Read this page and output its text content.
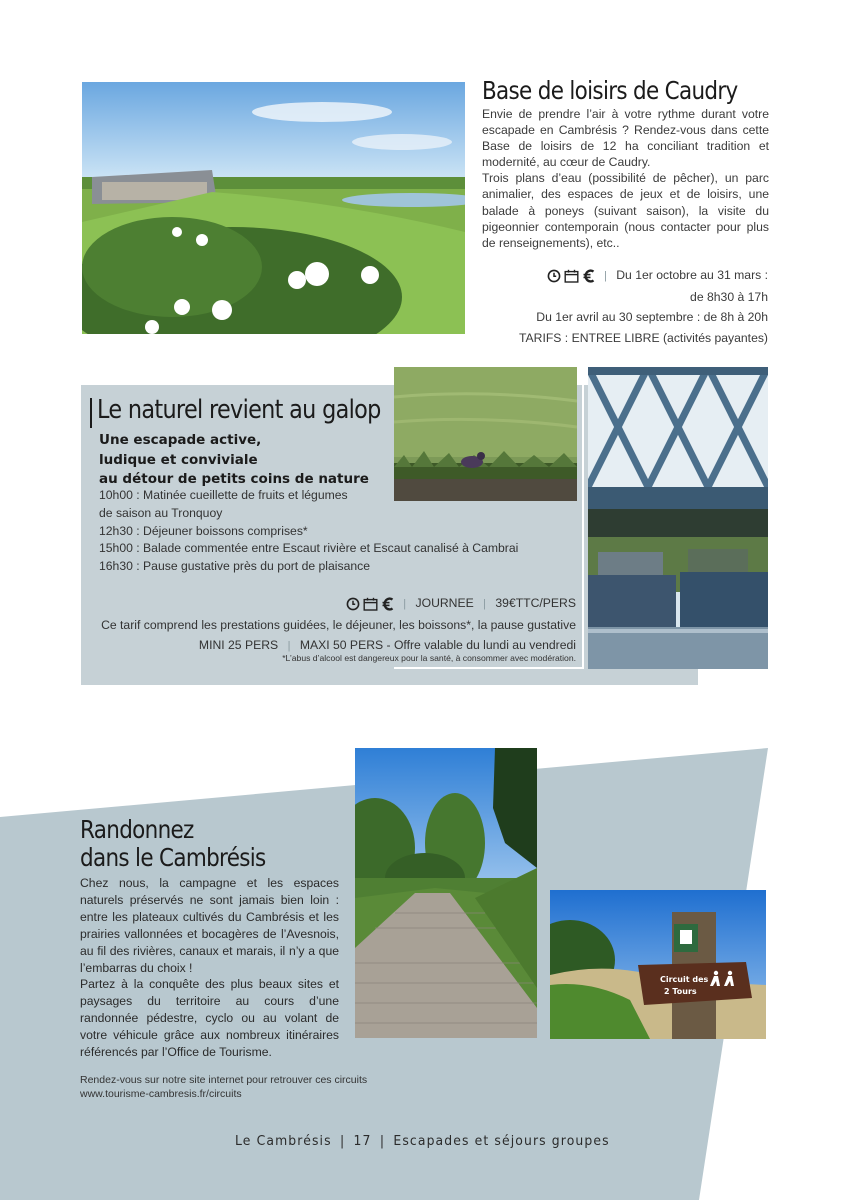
Base de loisirs de Caudry

Envie de prendre l’air à votre rythme durant votre escapade en Cambrésis ? Rendez-vous dans cette Base de loisirs de 12 ha conciliant tradition et modernité, au cœur de Caudry.

Trois plans d’eau (possibilité de pêcher), un parc animalier, des espaces de jeux et de loisirs, une balade à poneys (suivant saison), la visite du pigeonnier contemporain (nous contacter pour plus de renseignements), etc..

| Du 1er octobre au 31 mars :
de 8h30 à 17h
Du 1er avril au 30 septembre : de 8h à 20h
TARIFS : ENTREE LIBRE (activités payantes)
Le naturel revient au galop
Une escapade active,
ludique et conviviale
au détour de petits coins de nature
10h00 : Matinée cueillette de fruits et légumes
de saison au Tronquoy
12h30 : Déjeuner boissons comprises*
15h00 : Balade commentée entre Escaut rivière et Escaut canalisé à Cambrai
16h30 : Pause gustative près du port de plaisance
| JOURNEE | 39€TTC/PERS
Ce tarif comprend les prestations guidées, le déjeuner, les boissons*, la pause gustative
MINI 25 PERS | MAXI 50 PERS - Offre valable du lundi au vendredi
*L’abus d’alcool est dangereux pour la santé, à consommer avec modération.
Circuit des
2 Tours
Randonnez
dans le Cambrésis

Chez nous, la campagne et les espaces naturels préservés ne sont jamais bien loin : entre les plateaux cultivés du Cambrésis et les prairies vallonnées et bocagères de l’Avesnois, au fil des rivières, canaux et marais, il n’y a que l’embarras du choix !

Partez à la conquête des plus beaux sites et paysages du territoire au cours d’une randonnée pédestre, cyclo ou au volant de votre véhicule grâce aux nombreux itinéraires référencés par l’Office de Tourisme.

Rendez-vous sur notre site internet pour retrouver ces circuits
www.tourisme-cambresis.fr/circuits
Le Cambrésis | 17 | Escapades et séjours groupes
